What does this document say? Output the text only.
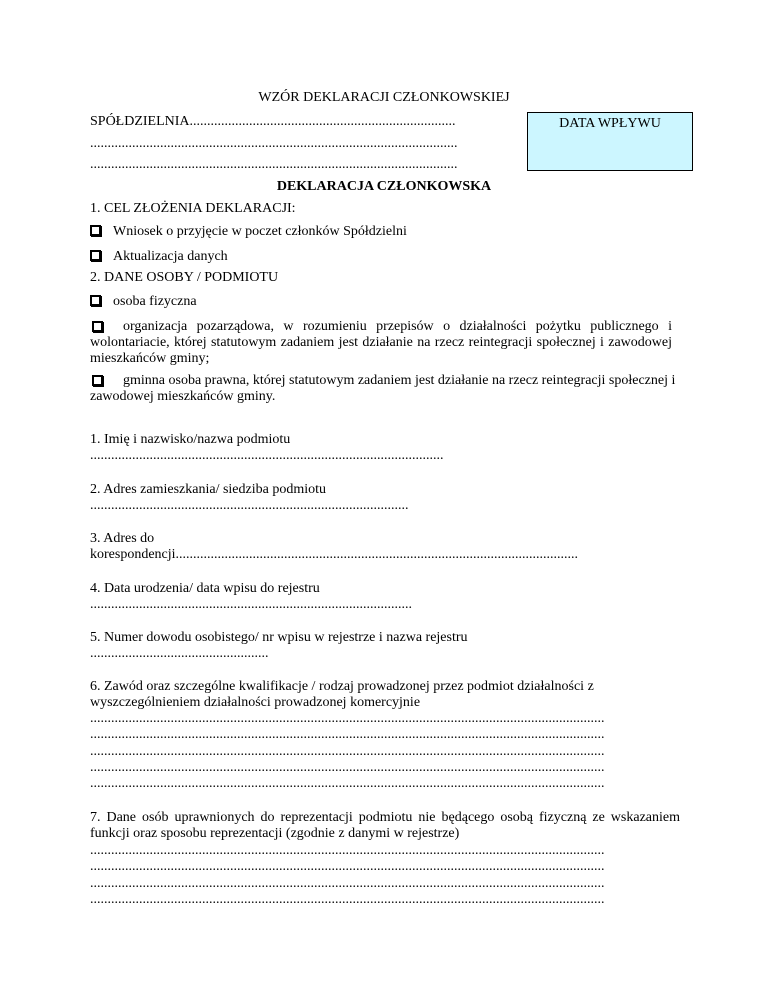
WZÓR DEKLARACJI CZŁONKOWSKIEJ
SPÓŁDZIELNIA............................................................................
.........................................................................................................
.........................................................................................................
DATA WPŁYWU
DEKLARACJA CZŁONKOWSKA
1. CEL ZŁOŻENIA DEKLARACJI:
Wniosek o przyjęcie w poczet członków Spółdzielni
Aktualizacja danych
2. DANE OSOBY / PODMIOTU
osoba fizyczna
organizacja pozarządowa, w rozumieniu przepisów o działalności pożytku publicznego i wolontariacie, której statutowym zadaniem jest działanie na rzecz reintegracji społecznej i zawodowej mieszkańców gminy;
gminna osoba prawna, której statutowym zadaniem jest działanie na rzecz reintegracji społecznej i zawodowej mieszkańców gminy.
1. Imię i nazwisko/nazwa podmiotu
.....................................................................................................
2. Adres zamieszkania/ siedziba podmiotu
...........................................................................................
3. Adres do
korespondencji...................................................................................................................
4. Data urodzenia/ data wpisu do rejestru
............................................................................................
5. Numer dowodu osobistego/ nr wpisu w rejestrze i nazwa rejestru
...................................................
6. Zawód oraz szczególne kwalifikacje / rodzaj prowadzonej przez podmiot działalności z wyszczególnieniem działalności prowadzonej komercyjnie
...................................................................................................................................................
...................................................................................................................................................
...................................................................................................................................................
...................................................................................................................................................
...................................................................................................................................................
7. Dane osób uprawnionych do reprezentacji podmiotu nie będącego osobą fizyczną ze wskazaniem funkcji oraz sposobu reprezentacji (zgodnie z danymi w rejestrze)
...................................................................................................................................................
...................................................................................................................................................
...................................................................................................................................................
...................................................................................................................................................
